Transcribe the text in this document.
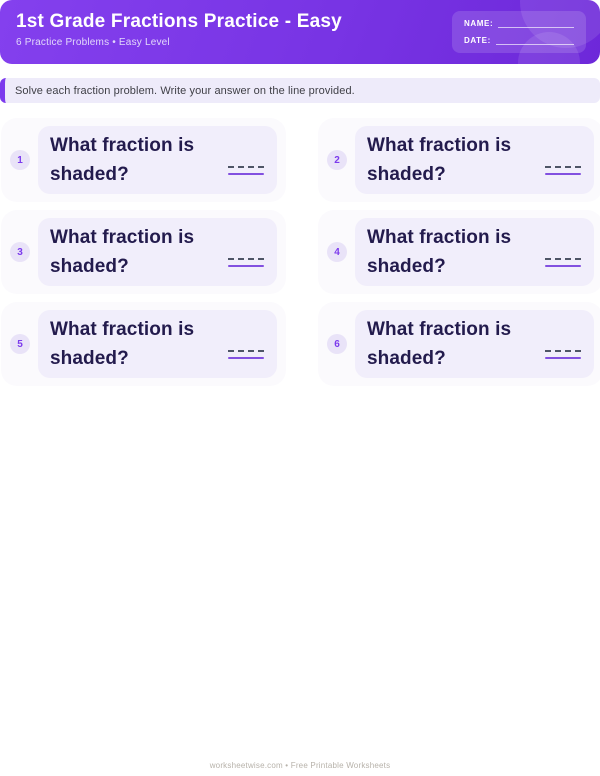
1st Grade Fractions Practice - Easy
6 Practice Problems • Easy Level
NAME:
DATE:
Solve each fraction problem. Write your answer on the line provided.
1
What fraction is shaded?
2
What fraction is shaded?
3
What fraction is shaded?
4
What fraction is shaded?
5
What fraction is shaded?
6
What fraction is shaded?
worksheetwise.com • Free Printable Worksheets
